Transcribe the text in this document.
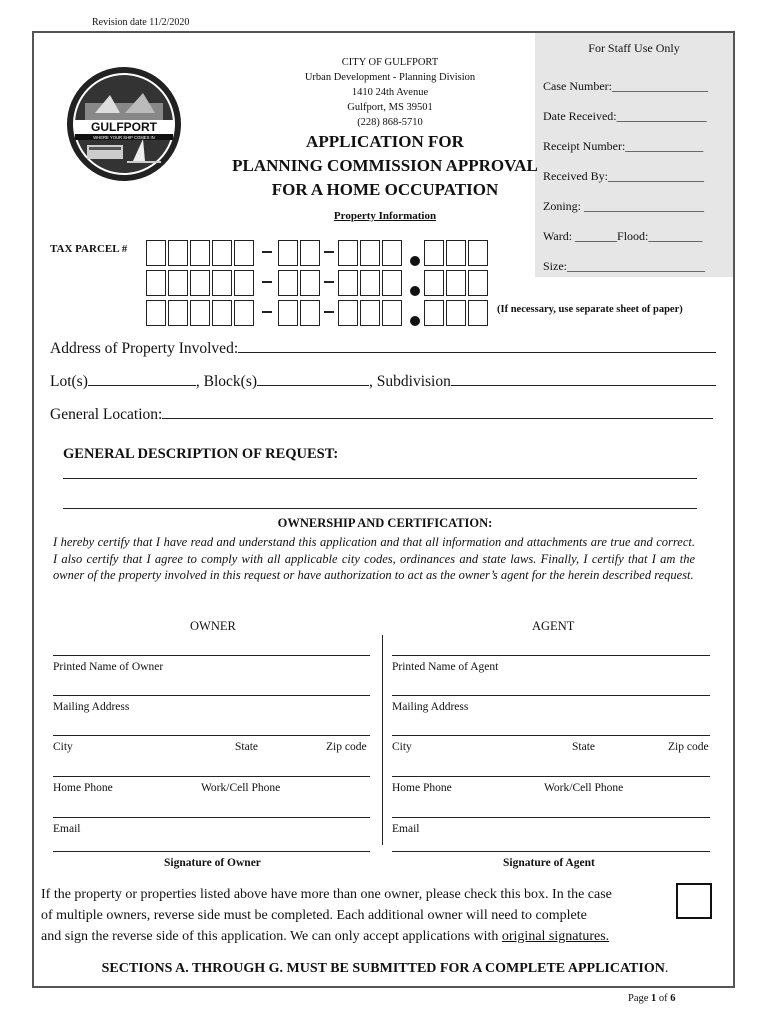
Revision date 11/2/2020
For Staff Use Only
Case Number:________________
Date Received:_______________
Receipt Number:_____________
Received By:________________
Zoning: ____________________
Ward: _______Flood:_________
Size:_______________________
GULFPORT
WHERE YOUR SHIP COMES IN
CITY OF GULFPORT
Urban Development - Planning Division
1410 24th Avenue
Gulfport, MS 39501
(228) 868-5710
APPLICATION FOR
PLANNING COMMISSION APPROVAL
FOR A HOME OCCUPATION
Property Information
TAX PARCEL #
(If necessary, use separate sheet of paper)
Address of Property Involved:
Lot(s)	, Block(s)	, Subdivision
General Location:
GENERAL DESCRIPTION OF REQUEST:
OWNERSHIP AND CERTIFICATION:
I hereby certify that I have read and understand this application and that all information and attachments are true and correct. I also certify that I agree to comply with all applicable city codes, ordinances and state laws. Finally, I certify that I am the owner of the property involved in this request or have authorization to act as the owner’s agent for the herein described request.
OWNER	AGENT
Printed Name of Owner
Mailing Address
City	State	Zip code
Home Phone	Work/Cell Phone
Email
Signature of Owner
Printed Name of Agent
Mailing Address
City	State	Zip code
Home Phone	Work/Cell Phone
Email
Signature of Agent
If the property or properties listed above have more than one owner, please check this box. In the case
of multiple owners, reverse side must be completed. Each additional owner will need to complete
and sign the reverse side of this application. We can only accept applications with original signatures.
SECTIONS A. THROUGH G. MUST BE SUBMITTED FOR A COMPLETE APPLICATION.
Page 1 of 6
